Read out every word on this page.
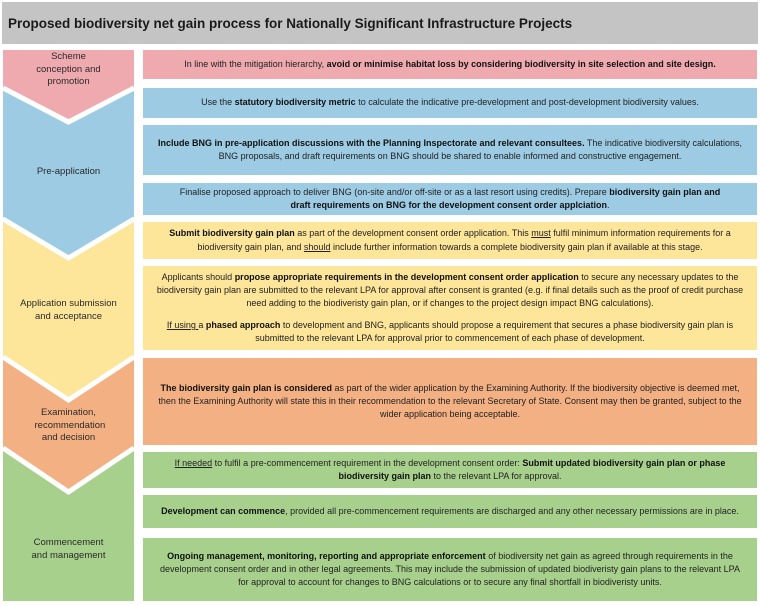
Proposed biodiversity net gain process for Nationally Significant Infrastructure Projects
Scheme conception and promotion
Pre-application
Application submission and acceptance
Examination, recommendation and decision
Commencement and management
In line with the mitigation hierarchy, avoid or minimise habitat loss by considering biodiversity in site selection and site design.
Use the statutory biodiversity metric to calculate the indicative pre-development and post-development biodiversity values.
Include BNG in pre-application discussions with the Planning Inspectorate and relevant consultees. The indicative biodiversity calculations, BNG proposals, and draft requirements on BNG should be shared to enable informed and constructive engagement.
Finalise proposed approach to deliver BNG (on-site and/or off-site or as a last resort using credits). Prepare biodiversity gain plan and draft requirements on BNG for the development consent order applciation.
Submit biodiversity gain plan as part of the development consent order application. This must fulfil minimum information requirements for a biodiversity gain plan, and should include further information towards a complete biodiversity gain plan if available at this stage.

Applicants should propose appropriate requirements in the development consent order application to secure any necessary updates to the biodiversity gain plan are submitted to the relevant LPA for approval after consent is granted (e.g. if final details such as the proof of credit purchase need adding to the biodiveristy gain plan, or if changes to the project design impact BNG calculations).

If using a phased approach to development and BNG, applicants should propose a requirement that secures a phase biodiversity gain plan is submitted to the relevant LPA for approval prior to commencement of each phase of development.

The biodiversity gain plan is considered as part of the wider application by the Examining Authority. If the biodiversity objective is deemed met, then the Examining Authority will state this in their recommendation to the relevant Secretary of State. Consent may then be granted, subject to the wider application being acceptable.
If needed to fulfil a pre-commencement requirement in the development consent order: Submit updated biodiversity gain plan or phase biodiversity gain plan to the relevant LPA for approval.
Development can commence, provided all pre-commencement requirements are discharged and any other necessary permissions are in place.
Ongoing management, monitoring, reporting and appropriate enforcement of biodiversity net gain as agreed through requirements in the development consent order and in other legal agreements. This may include the submission of updated biodiveristy gain plans to the relevant LPA for approval to account for changes to BNG calculations or to secure any final shortfall in biodiveristy units.
